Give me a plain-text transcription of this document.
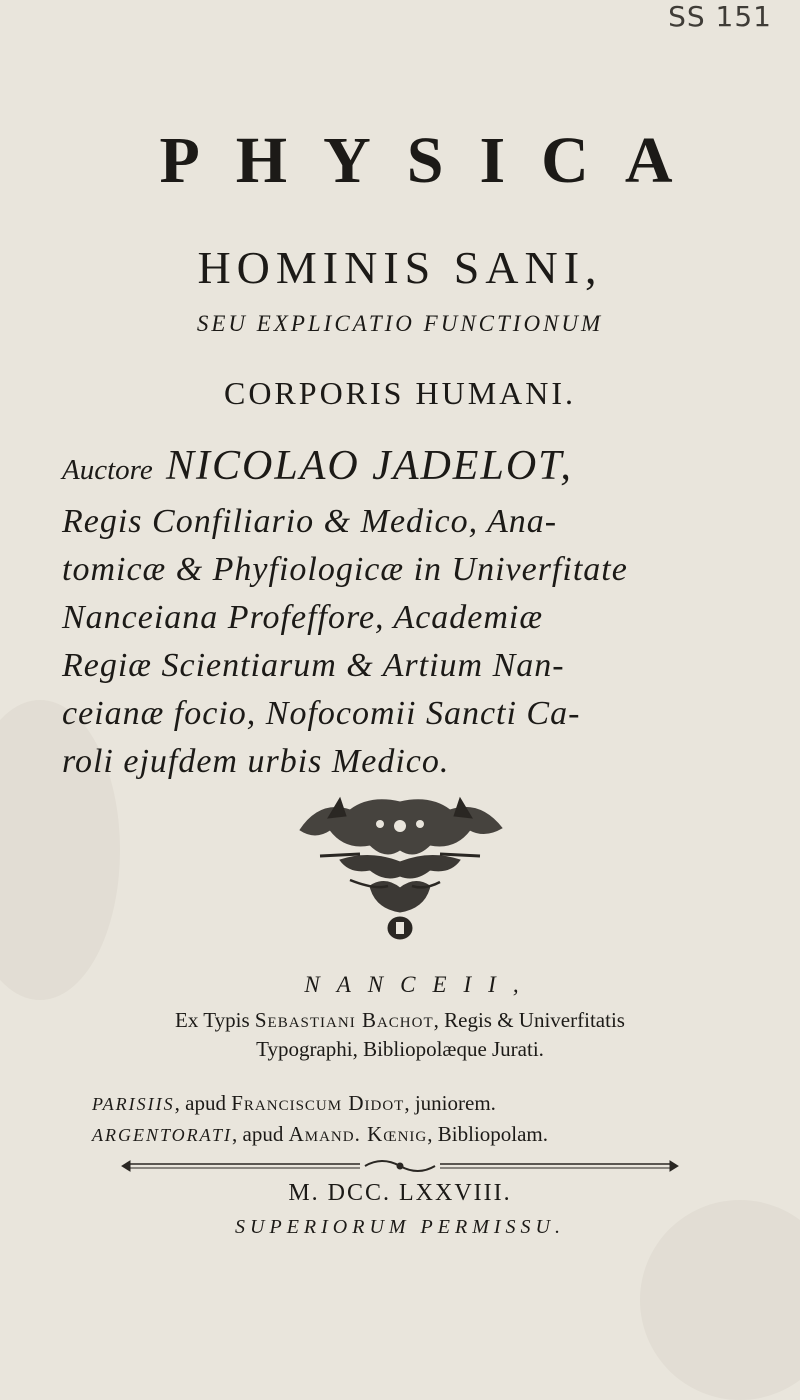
SS 151
PHYSICA
HOMINIS SANI,
SEU EXPLICATIO FUNCTIONUM
CORPORIS HUMANI.
Auctore NICOLAO JADELOT,
Regis Confiliario & Medico, Ana-
tomicæ & Phyfiologicæ in Univerfitate
Nanceiana Profeffore, Academiæ
Regiæ Scientiarum & Artium Nan-
ceianæ focio, Nofocomii Sancti Ca-
roli ejufdem urbis Medico.
NANCEII,
Ex Typis Sebastiani Bachot, Regis & Univerfitatis
Typographi, Bibliopolæque Jurati.
PARISIIS, apud Franciscum Didot, juniorem.
ARGENTORATI, apud Amand. Kœnig, Bibliopolam.
M. DCC. LXXVIII.
SUPERIORUM PERMISSU.
